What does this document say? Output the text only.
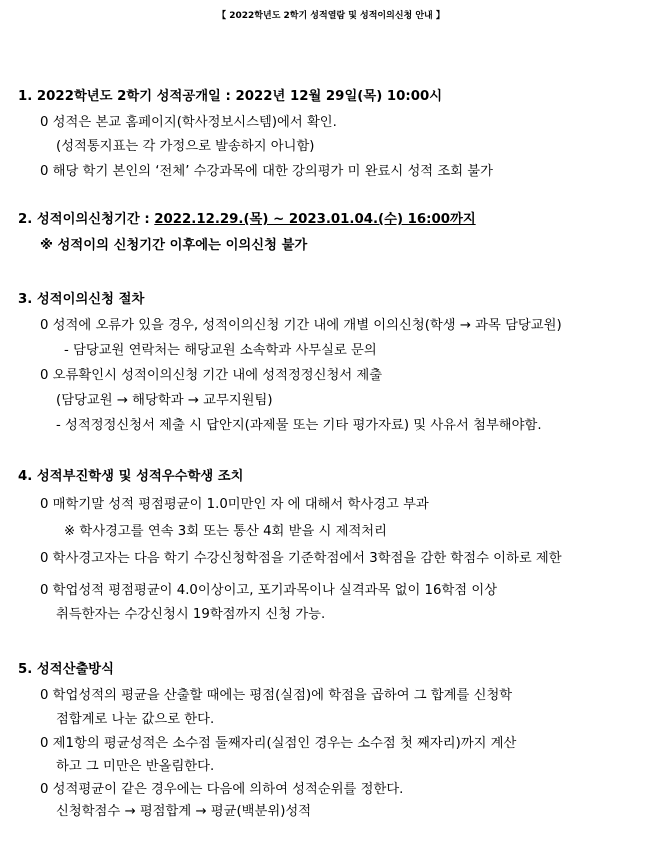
【 2022학년도 2학기 성적열람 및 성적이의신청 안내 】
1. 2022학년도 2학기 성적공개일 : 2022년 12월 29일(목) 10:00시
0 성적은 본교 홈페이지(학사정보시스템)에서 확인.
(성적통지표는 각 가정으로 발송하지 아니함)
0 해당 학기 본인의 ‘전체’ 수강과목에 대한 강의평가 미 완료시 성적 조회 불가
2. 성적이의신청기간 : 2022.12.29.(목) ~ 2023.01.04.(수) 16:00까지
※ 성적이의 신청기간 이후에는 이의신청 불가
3. 성적이의신청 절차
0 성적에 오류가 있을 경우, 성적이의신청 기간 내에 개별 이의신청(학생 → 과목 담당교원)
- 담당교원 연락처는 해당교원 소속학과 사무실로 문의
0 오류확인시 성적이의신청 기간 내에 성적정정신청서 제출
(담당교원 → 해당학과 → 교무지원팀)
- 성적정정신청서 제출 시 답안지(과제물 또는 기타 평가자료) 및 사유서 첨부해야함.
4. 성적부진학생 및 성적우수학생 조치
0 매학기말 성적 평점평균이 1.0미만인 자 에 대해서 학사경고 부과
※ 학사경고를 연속 3회 또는 통산 4회 받을 시 제적처리
0 학사경고자는 다음 학기 수강신청학점을 기준학점에서 3학점을 감한 학점수 이하로 제한
0 학업성적 평점평균이 4.0이상이고, 포기과목이나 실격과목 없이 16학점 이상
취득한자는 수강신청시 19학점까지 신청 가능.
5. 성적산출방식
0 학업성적의 평균을 산출할 때에는 평점(실점)에 학점을 곱하여 그 합계를 신청학
점합계로 나눈 값으로 한다.
0 제1항의 평균성적은 소수점 둘째자리(실점인 경우는 소수점 첫 째자리)까지 계산
하고 그 미만은 반올림한다.
0 성적평균이 같은 경우에는 다음에 의하여 성적순위를 정한다.
신청학점수 → 평점합계 → 평균(백분위)성적
